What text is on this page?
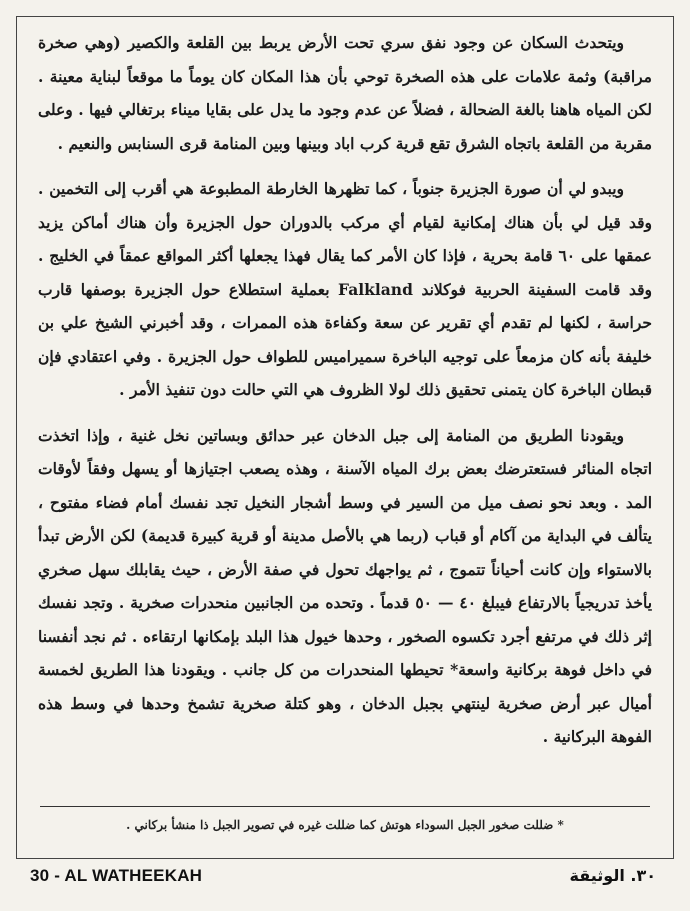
ويتحدث السكان عن وجود نفق سري تحت الأرض يربط بين القلعة والكصير (وهي صخرة مراقبة) وثمة علامات على هذه الصخرة توحي بأن هذا المكان كان يوماً ما موقعاً لبناية معينة . لكن المياه هاهنا بالغة الضحالة ، فضلاً عن عدم وجود ما يدل على بقايا ميناء برتغالي فيها . وعلى مقربة من القلعة باتجاه الشرق تقع قرية كرب اباد وبينها وبين المنامة قرى السنابس والنعيم .

ويبدو لي أن صورة الجزيرة جنوباً ، كما تظهرها الخارطة المطبوعة هي أقرب إلى التخمين . وقد قيل لي بأن هناك إمكانية لقيام أي مركب بالدوران حول الجزيرة وأن هناك أماكن يزيد عمقها على ٦٠ قامة بحرية ، فإذا كان الأمر كما يقال فهذا يجعلها أكثر المواقع عمقاً في الخليج . وقد قامت السفينة الحربية فوكلاند Falkland بعملية استطلاع حول الجزيرة بوصفها قارب حراسة ، لكنها لم تقدم أي تقرير عن سعة وكفاءة هذه الممرات ، وقد أخبرني الشيخ علي بن خليفة بأنه كان مزمعاً على توجيه الباخرة سميراميس للطواف حول الجزيرة . وفي اعتقادي فإن قبطان الباخرة كان يتمنى تحقيق ذلك لولا الظروف هي التي حالت دون تنفيذ الأمر .

ويقودنا الطريق من المنامة إلى جبل الدخان عبر حدائق وبساتين نخل غنية ، وإذا اتخذت اتجاه المنائر فستعترضك بعض برك المياه الآسنة ، وهذه يصعب اجتيازها أو يسهل وفقاً لأوقات المد . وبعد نحو نصف ميل من السير في وسط أشجار النخيل تجد نفسك أمام فضاء مفتوح ، يتألف في البداية من آكام أو قباب (ربما هي بالأصل مدينة أو قرية كبيرة قديمة) لكن الأرض تبدأ بالاستواء وإن كانت أحياناً تتموج ، ثم يواجهك تحول في صفة الأرض ، حيث يقابلك سهل صخري يأخذ تدريجياً بالارتفاع فيبلغ ٤٠ — ٥٠ قدماً . وتحده من الجانبين منحدرات صخرية . وتجد نفسك إثر ذلك في مرتفع أجرد تكسوه الصخور ، وحدها خيول هذا البلد بإمكانها ارتقاءه . ثم نجد أنفسنا في داخل فوهة بركانية واسعة* تحيطها المنحدرات من كل جانب . ويقودنا هذا الطريق لخمسة أميال عبر أرض صخرية لينتهي بجبل الدخان ، وهو كتلة صخرية تشمخ وحدها في وسط هذه الفوهة البركانية .

* ضللت صخور الجبل السوداء هوتش كما ضللت غيره في تصوير الجبل ذا منشأ بركاني .
30 - AL WATHEEKAH	٣٠. الوثيقة
